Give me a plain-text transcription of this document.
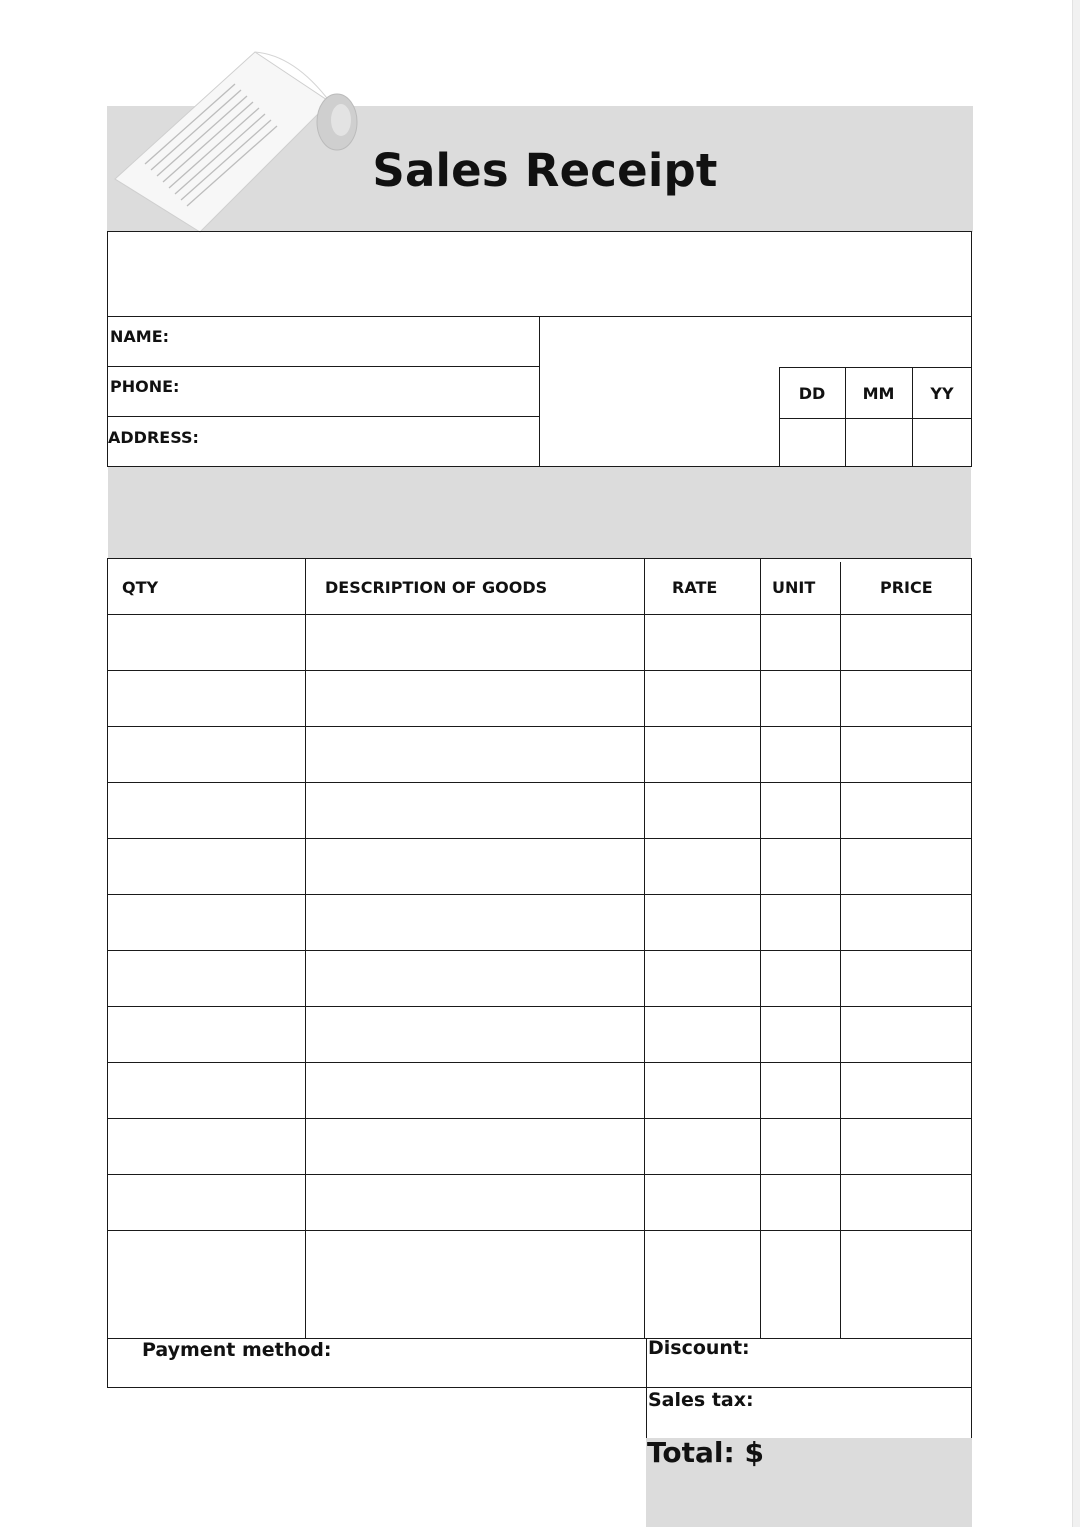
Sales Receipt
NAME:
PHONE:
ADDRESS:
DD	MM	YY
QTY	DESCRIPTION OF GOODS	RATE	UNIT	PRICE
Payment method:	Discount:
Sales tax:
Total: $
